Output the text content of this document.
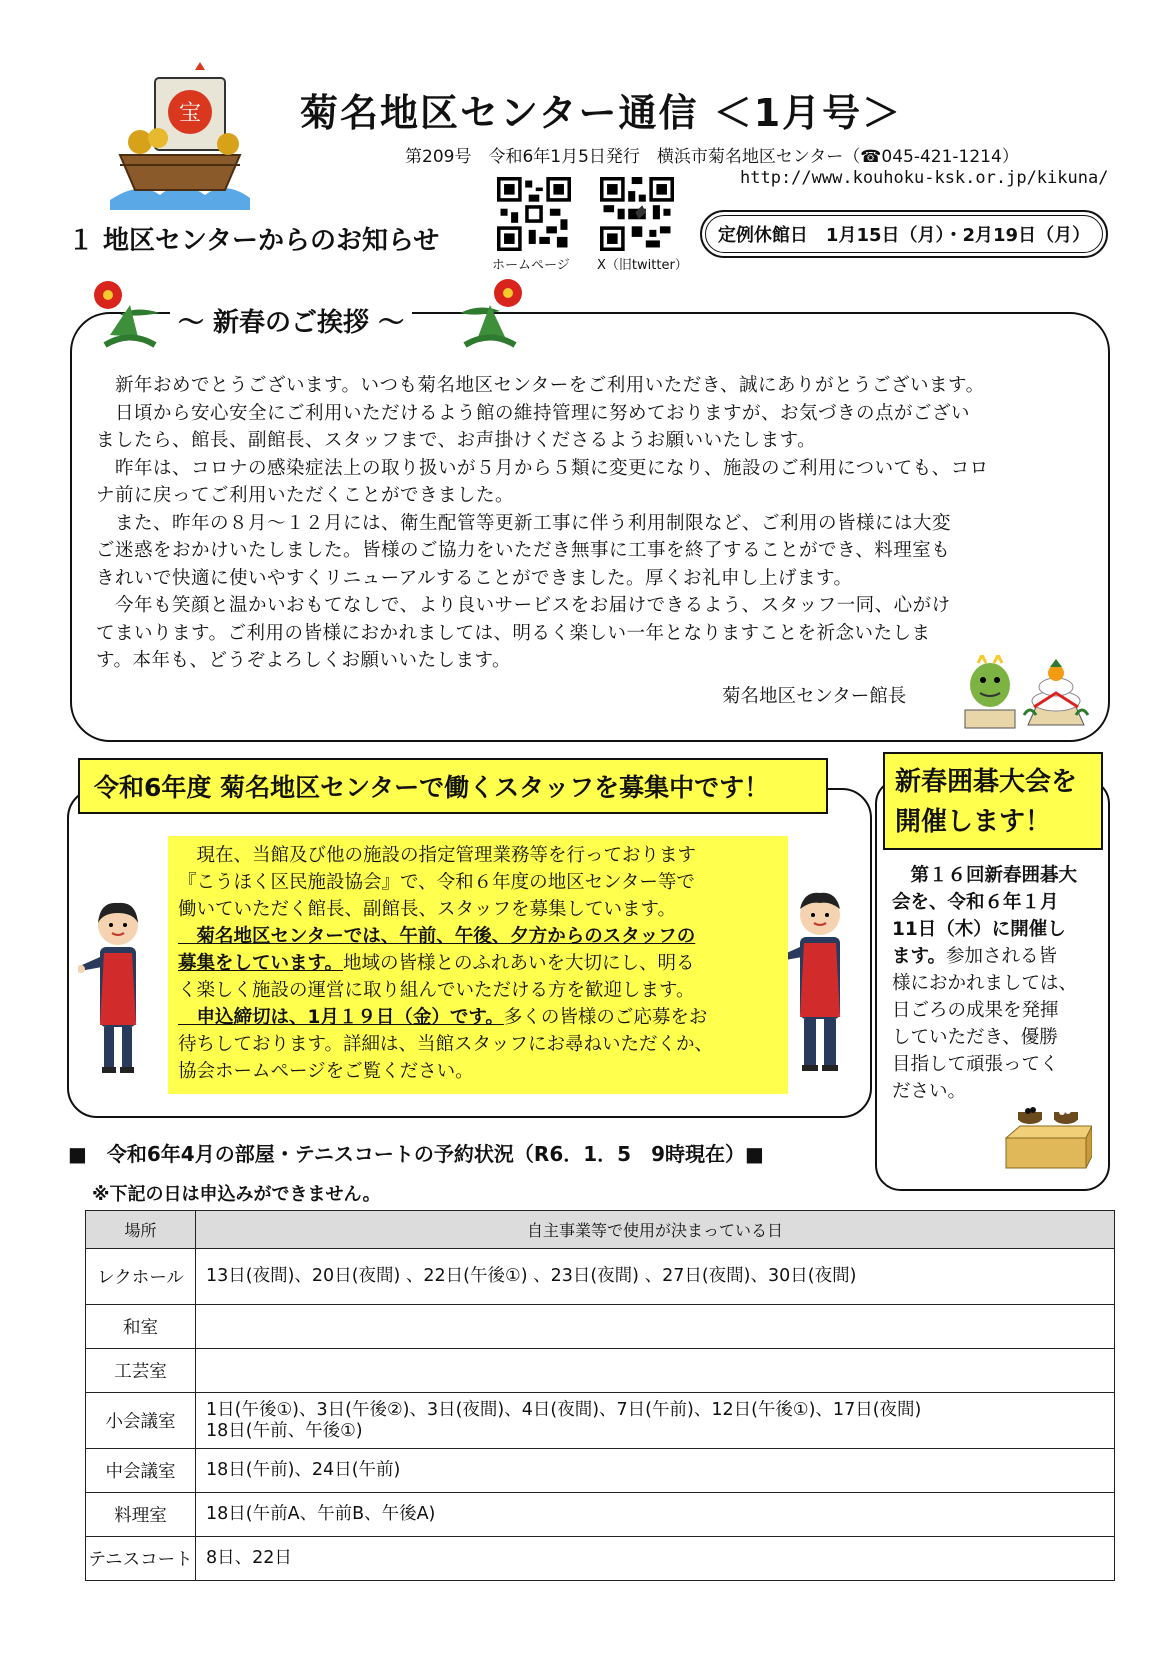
宝	菊名地区センター通信 ＜1月号＞
第209号　令和6年1月5日発行　横浜市菊名地区センター（☎045-421-1214）
http://www.kouhoku-ksk.or.jp/kikuna/
１ 地区センターからのお知らせ
ホームページ X（旧twitter）
定例休館日　1月15日（月）・2月19日（月）
～ 新春のご挨拶 ～

　新年おめでとうございます。いつも菊名地区センターをご利用いただき、誠にありがとうございます。

　日頃から安心安全にご利用いただけるよう館の維持管理に努めておりますが、お気づきの点がござい

ましたら、館長、副館長、スタッフまで、お声掛けくださるようお願いいたします。

　昨年は、コロナの感染症法上の取り扱いが５月から５類に変更になり、施設のご利用についても、コロ

ナ前に戻ってご利用いただくことができました。

　また、昨年の８月～１２月には、衛生配管等更新工事に伴う利用制限など、ご利用の皆様には大変

ご迷惑をおかけいたしました。皆様のご協力をいただき無事に工事を終了することができ、料理室も

きれいで快適に使いやすくリニューアルすることができました。厚くお礼申し上げます。

　今年も笑顔と温かいおもてなしで、より良いサービスをお届けできるよう、スタッフ一同、心がけ

てまいります。ご利用の皆様におかれましては、明るく楽しい一年となりますことを祈念いたしま

す。本年も、どうぞよろしくお願いいたします。

菊名地区センター館長
令和6年度 菊名地区センターで働くスタッフを募集中です！

　現在、当館及び他の施設の指定管理業務等を行っております

『こうほく区民施設協会』で、令和６年度の地区センター等で

働いていただく館長、副館長、スタッフを募集しています。

　菊名地区センターでは、午前、午後、夕方からのスタッフの

募集をしています。地域の皆様とのふれあいを大切にし、明る

く楽しく施設の運営に取り組んでいただける方を歓迎します。

　申込締切は、1月１９日（金）です。多くの皆様のご応募をお

待ちしております。詳細は、当館スタッフにお尋ねいただくか、

協会ホームページをご覧ください。

新春囲碁大会を
開催します！

　第１６回新春囲碁大

会を、令和６年１月

11日（木）に開催し

ます。参加される皆

様におかれましては、

日ごろの成果を発揮

していただき、優勝

目指して頑張ってく

ださい。

■　令和6年4月の部屋・テニスコートの予約状況（R6．1．5　9時現在）■
※下記の日は申込みができません。
場所	自主事業等で使用が決まっている日
レクホール	13日(夜間)、20日(夜間) 、22日(午後①) 、23日(夜間) 、27日(夜間)、30日(夜間)

和室	
工芸室	
小会議室	1日(午後①)、3日(午後②)、3日(夜間)、4日(夜間)、7日(午前)、12日(午後①)、17日(夜間)
18日(午前、午後①)

中会議室	18日(午前)、24日(午前)
料理室	18日(午前A、午前B、午後A)
テニスコート	8日、22日
